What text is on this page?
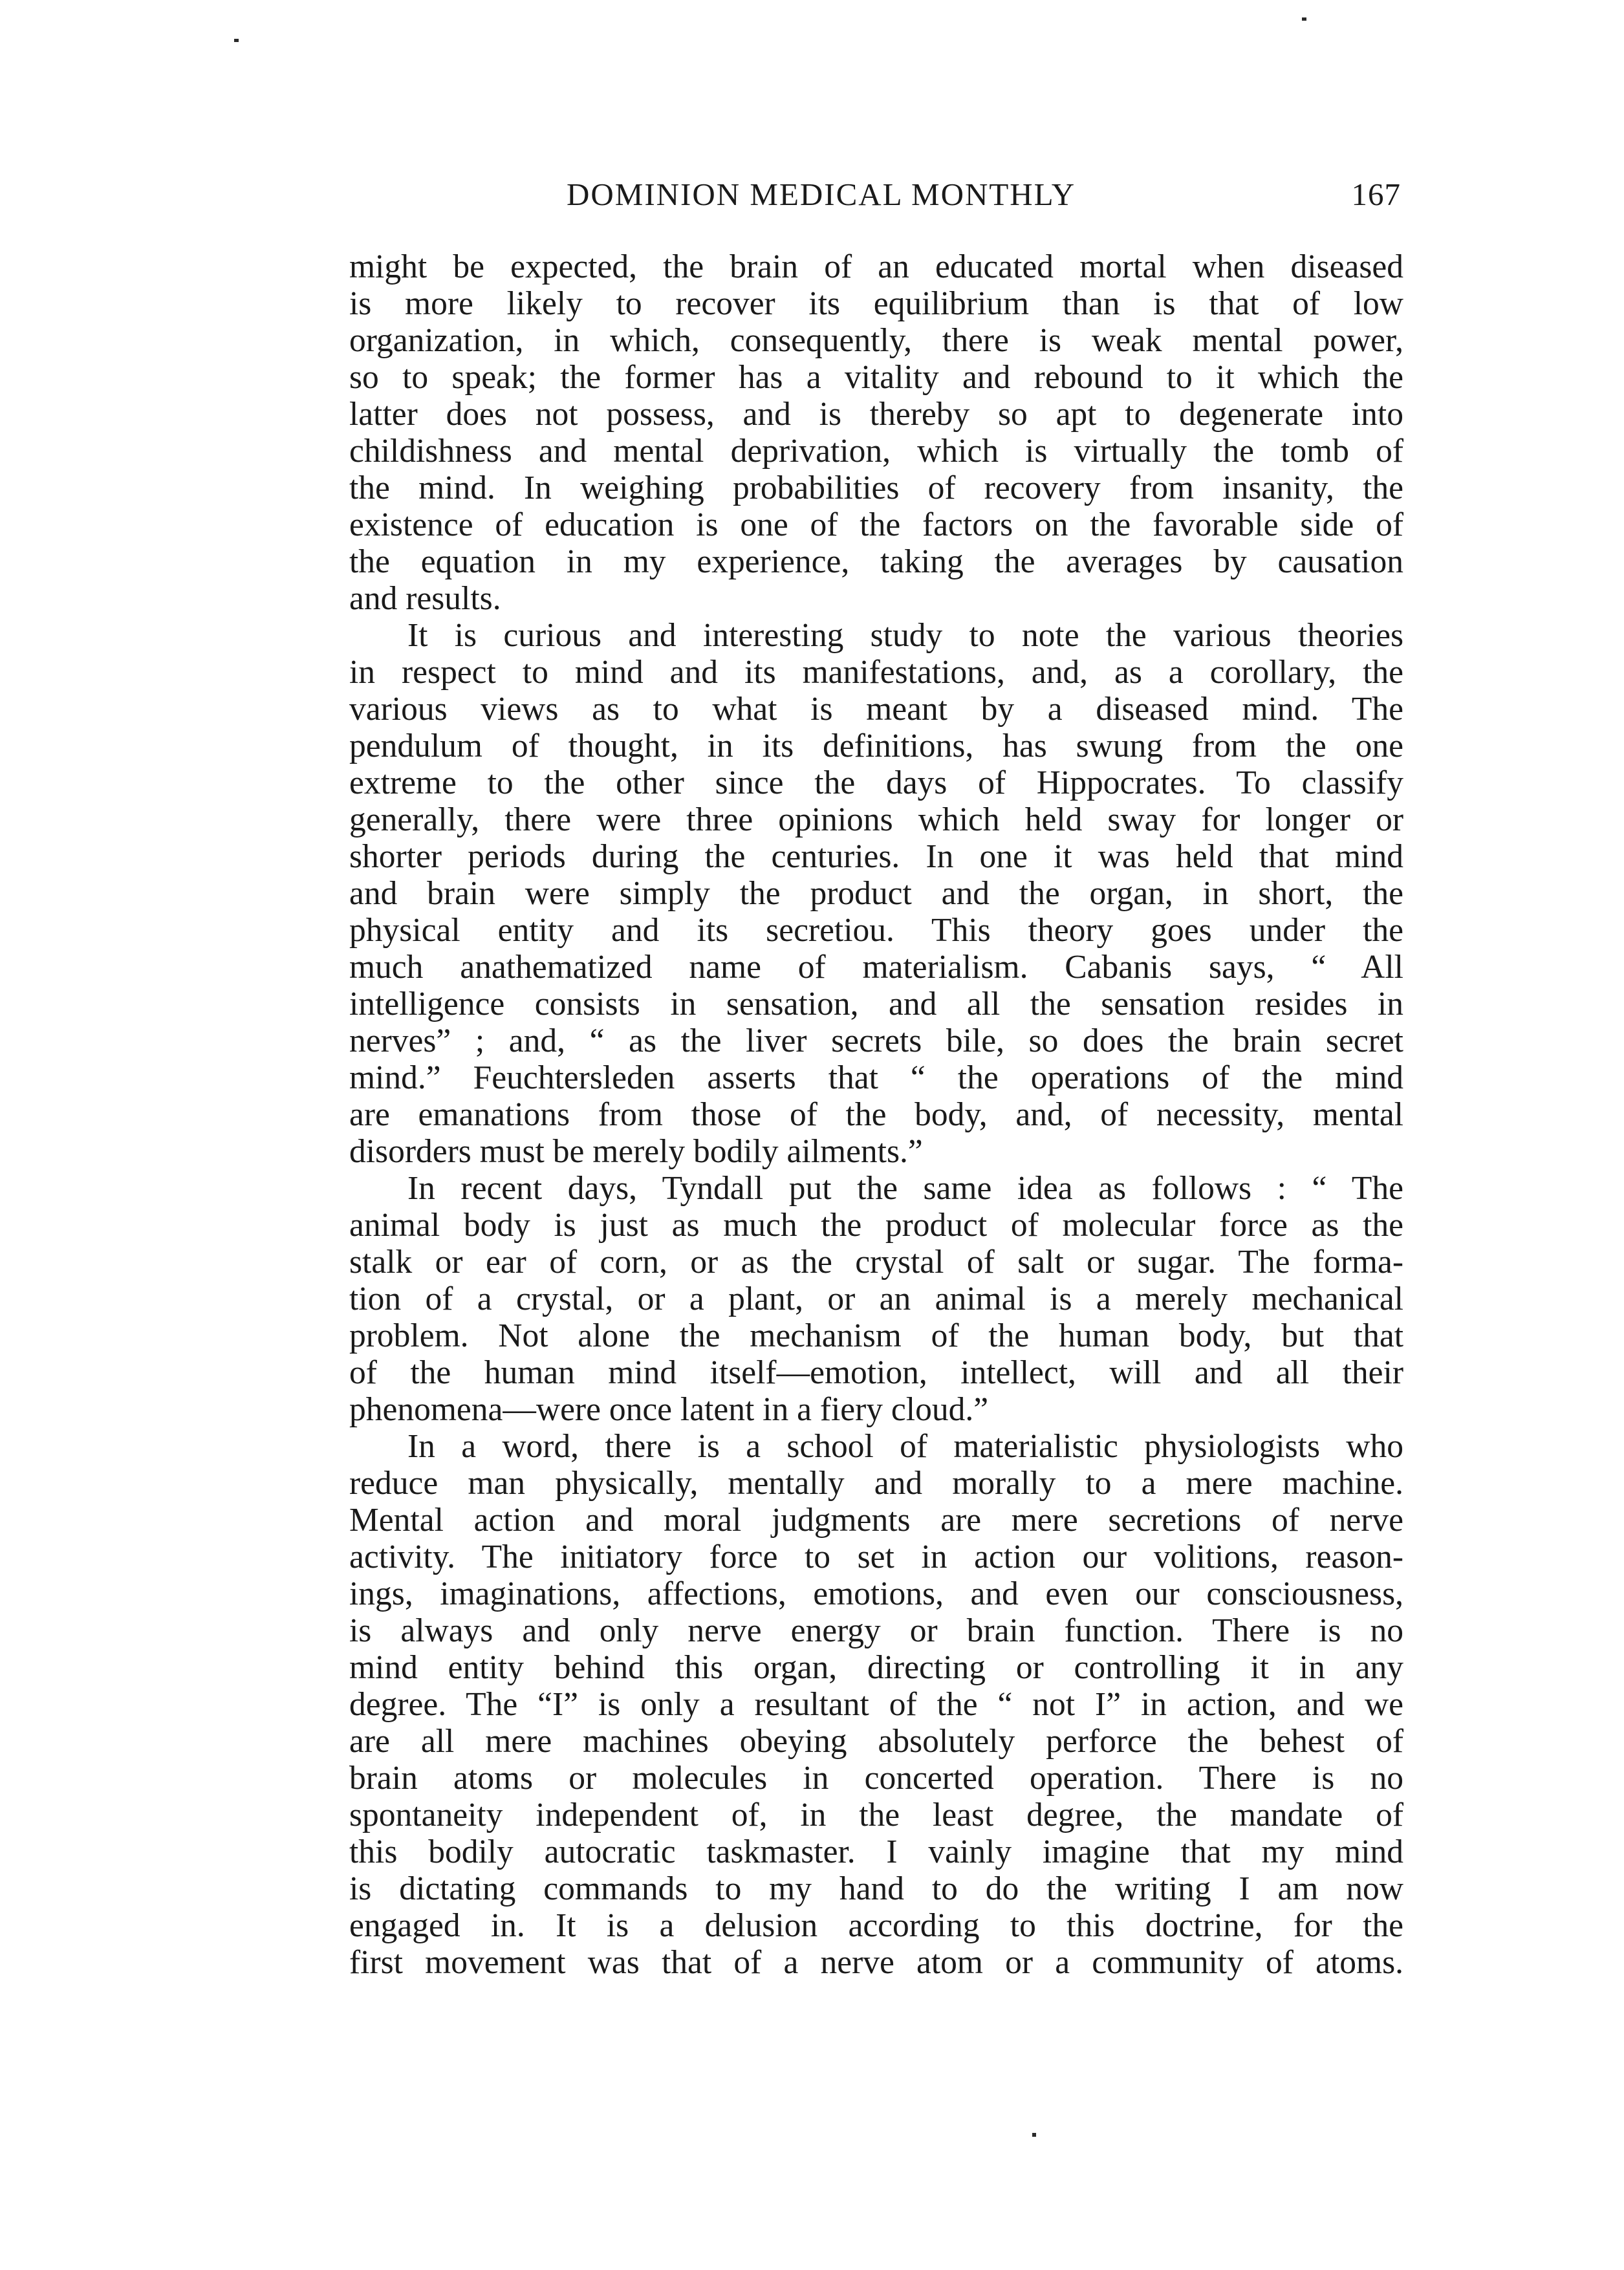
DOMINION MEDICAL MONTHLY	167

might be expected, the brain of an educated mortal when diseased
is more likely to recover its equilibrium than is that of low
organization, in which, consequently, there is weak mental power,
so to speak; the former has a vitality and rebound to it which the
latter does not possess, and is thereby so apt to degenerate into
childishness and mental deprivation, which is virtually the tomb of
the mind. In weighing probabilities of recovery from insanity, the
existence of education is one of the factors on the favorable side of
the equation in my experience, taking the averages by causation
and results.

It is curious and interesting study to note the various theories
in respect to mind and its manifestations, and, as a corollary, the
various views as to what is meant by a diseased mind. The
pendulum of thought, in its definitions, has swung from the one
extreme to the other since the days of Hippocrates. To classify
generally, there were three opinions which held sway for longer or
shorter periods during the centuries. In one it was held that mind
and brain were simply the product and the organ, in short, the
physical entity and its secretiou. This theory goes under the
much anathematized name of materialism. Cabanis says, “ All
intelligence consists in sensation, and all the sensation resides in
nerves” ; and, “ as the liver secrets bile, so does the brain secret
mind.” Feuchtersleden asserts that “ the operations of the mind
are emanations from those of the body, and, of necessity, mental
disorders must be merely bodily ailments.”

In recent days, Tyndall put the same idea as follows : “ The
animal body is just as much the product of molecular force as the
stalk or ear of corn, or as the crystal of salt or sugar. The forma-
tion of a crystal, or a plant, or an animal is a merely mechanical
problem. Not alone the mechanism of the human body, but that
of the human mind itself—emotion, intellect, will and all their
phenomena—were once latent in a fiery cloud.”

In a word, there is a school of materialistic physiologists who
reduce man physically, mentally and morally to a mere machine.
Mental action and moral judgments are mere secretions of nerve
activity. The initiatory force to set in action our volitions, reason-
ings, imaginations, affections, emotions, and even our consciousness,
is always and only nerve energy or brain function. There is no
mind entity behind this organ, directing or controlling it in any
degree. The “I” is only a resultant of the “ not I” in action, and we
are all mere machines obeying absolutely perforce the behest of
brain atoms or molecules in concerted operation. There is no
spontaneity independent of, in the least degree, the mandate of
this bodily autocratic taskmaster. I vainly imagine that my mind
is dictating commands to my hand to do the writing I am now
engaged in. It is a delusion according to this doctrine, for the
first movement was that of a nerve atom or a community of atoms.
